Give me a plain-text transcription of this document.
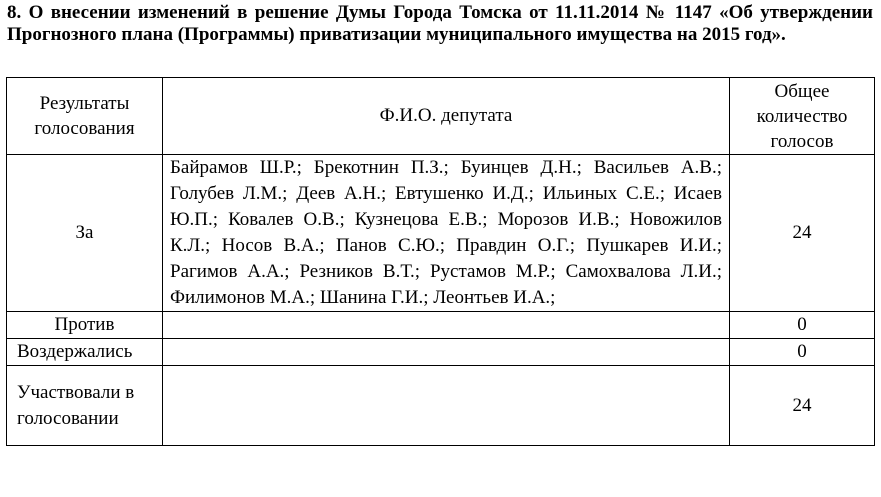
8. О внесении изменений в решение Думы Города Томска от 11.11.2014 № 1147 «Об утверждении Прогнозного плана (Программы) приватизации муниципального имущества на 2015 год».
Результаты голосования	Ф.И.О. депутата	Общее количество голосов
За	Байрамов Ш.Р.; Брекотнин П.З.; Буинцев Д.Н.; Васильев А.В.; Голубев Л.М.; Деев А.Н.; Евтушенко И.Д.; Ильиных С.Е.; Исаев Ю.П.; Ковалев О.В.; Кузнецова Е.В.; Морозов И.В.; Новожилов К.Л.; Носов В.А.; Панов С.Ю.; Правдин О.Г.; Пушкарев И.И.; Рагимов А.А.; Резников В.Т.; Рустамов М.Р.; Самохвалова Л.И.; Филимонов М.А.; Шанина Г.И.; Леонтьев И.А.;	24
Против		0
Воздержались		0
Участвовали в голосовании		24
